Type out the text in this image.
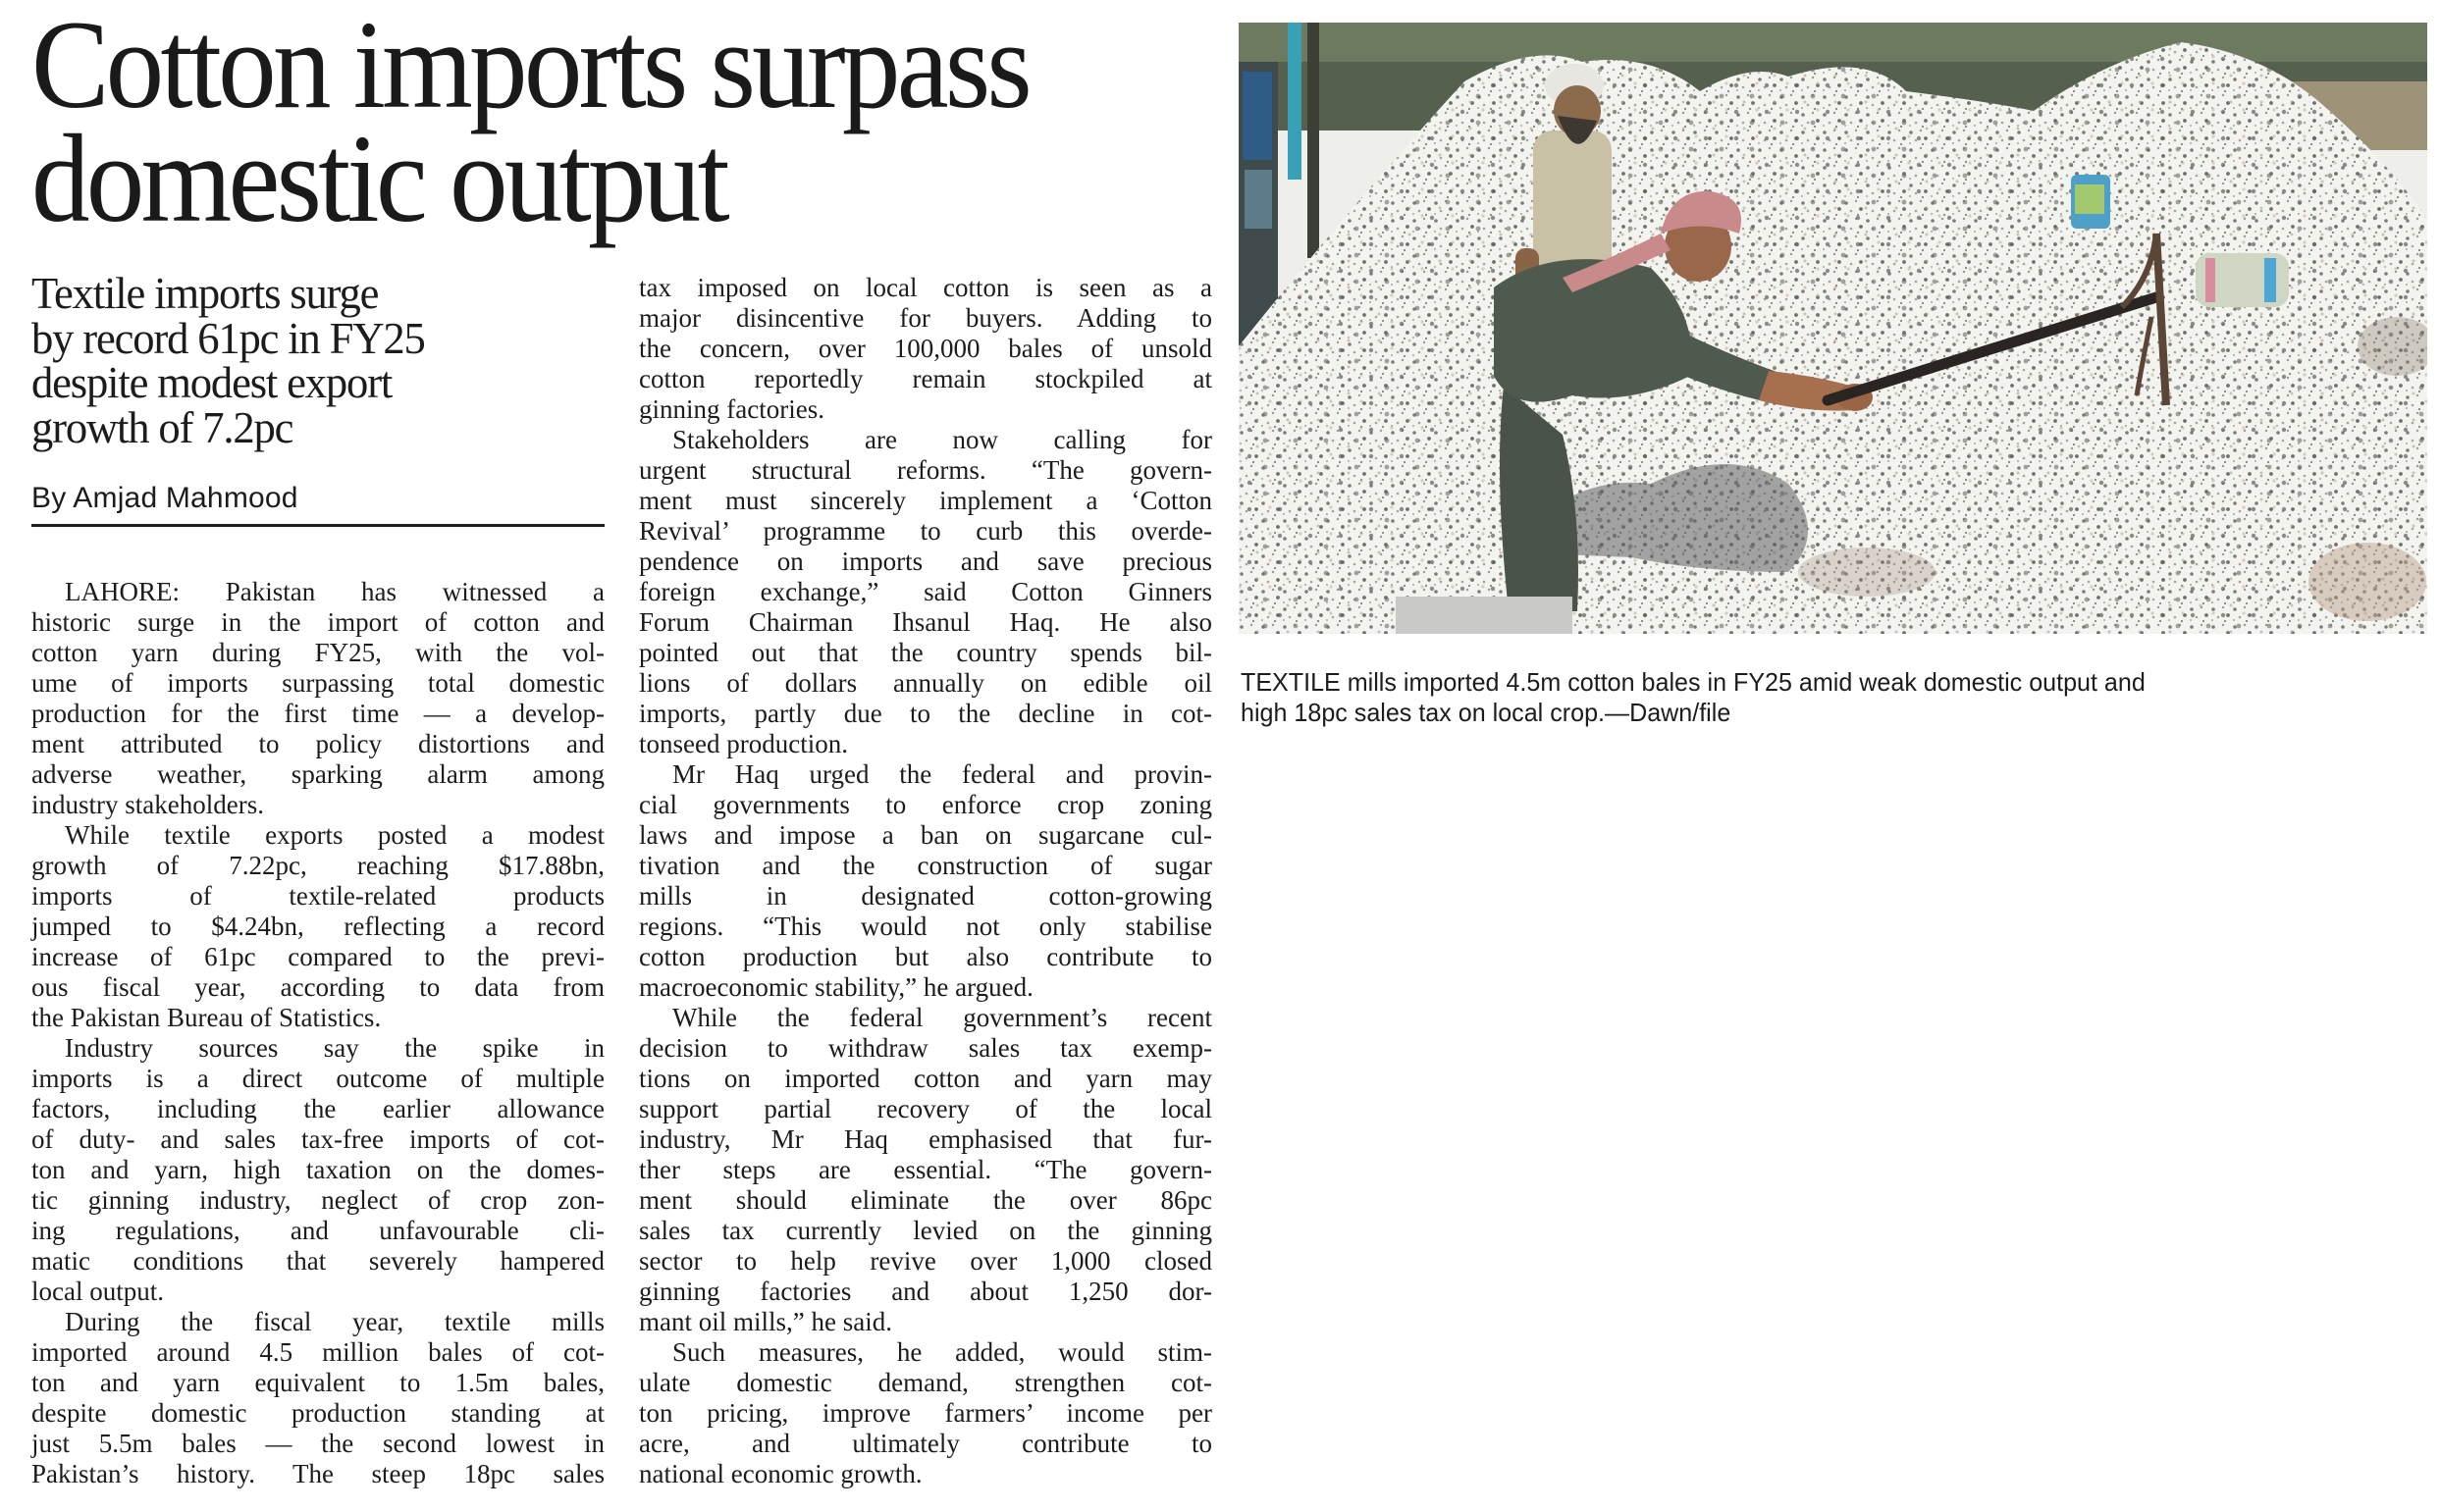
Cotton imports surpass
domestic output
Textile imports surge
by record 61pc in FY25
despite modest export
growth of 7.2pc
By Amjad Mahmood
LAHORE: Pakistan has witnessed a
historic surge in the import of cotton and
cotton yarn during FY25, with the vol-
ume of imports surpassing total domestic
production for the first time — a develop-
ment attributed to policy distortions and
adverse weather, sparking alarm among
industry stakeholders.
While textile exports posted a modest
growth of 7.22pc, reaching $17.88bn,
imports of textile-related products
jumped to $4.24bn, reflecting a record
increase of 61pc compared to the previ-
ous fiscal year, according to data from
the Pakistan Bureau of Statistics.
Industry sources say the spike in
imports is a direct outcome of multiple
factors, including the earlier allowance
of duty- and sales tax-free imports of cot-
ton and yarn, high taxation on the domes-
tic ginning industry, neglect of crop zon-
ing regulations, and unfavourable cli-
matic conditions that severely hampered
local output.
During the fiscal year, textile mills
imported around 4.5 million bales of cot-
ton and yarn equivalent to 1.5m bales,
despite domestic production standing at
just 5.5m bales — the second lowest in
Pakistan’s history. The steep 18pc sales
tax imposed on local cotton is seen as a
major disincentive for buyers. Adding to
the concern, over 100,000 bales of unsold
cotton reportedly remain stockpiled at
ginning factories.
Stakeholders are now calling for
urgent structural reforms. “The govern-
ment must sincerely implement a ‘Cotton
Revival’ programme to curb this overde-
pendence on imports and save precious
foreign exchange,” said Cotton Ginners
Forum Chairman Ihsanul Haq. He also
pointed out that the country spends bil-
lions of dollars annually on edible oil
imports, partly due to the decline in cot-
tonseed production.
Mr Haq urged the federal and provin-
cial governments to enforce crop zoning
laws and impose a ban on sugarcane cul-
tivation and the construction of sugar
mills in designated cotton-growing
regions. “This would not only stabilise
cotton production but also contribute to
macroeconomic stability,” he argued.
While the federal government’s recent
decision to withdraw sales tax exemp-
tions on imported cotton and yarn may
support partial recovery of the local
industry, Mr Haq emphasised that fur-
ther steps are essential. “The govern-
ment should eliminate the over 86pc
sales tax currently levied on the ginning
sector to help revive over 1,000 closed
ginning factories and about 1,250 dor-
mant oil mills,” he said.
Such measures, he added, would stim-
ulate domestic demand, strengthen cot-
ton pricing, improve farmers’ income per
acre, and ultimately contribute to
national economic growth.
TEXTILE mills imported 4.5m cotton bales in FY25 amid weak domestic output and
high 18pc sales tax on local crop.—Dawn/file
